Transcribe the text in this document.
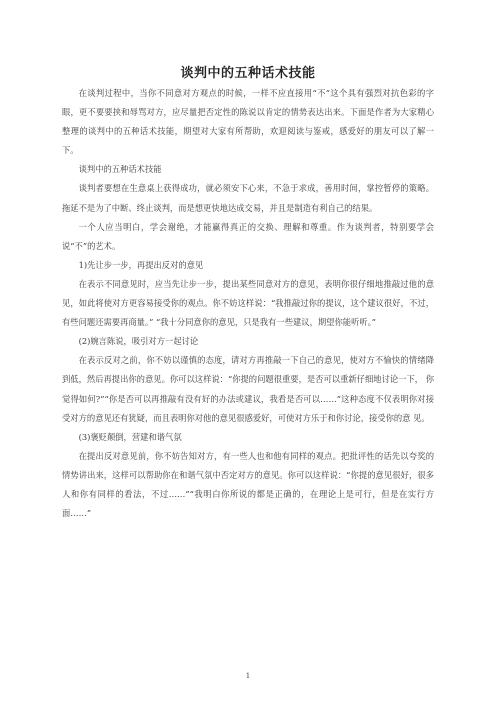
谈判中的五种话术技能

在谈判过程中，当你不同意对方观点的时候，一样不应直接用“不”这个具有强烈对抗色彩的字眼，更不要要挟和辱骂对方，应尽量把否定性的陈说以肯定的情势表达出来。下面是作者为大家精心整理的谈判中的五种话术技能，期望对大家有所帮助，欢迎阅读与鉴戒，感爱好的朋友可以了解一下。

谈判中的五种话术技能

谈判者要想在生意桌上获得成功，就必须安下心来，不急于求成，善用时间，掌控暂停的策略。拖延不是为了中断、终止谈判，而是想更快地达成交易，并且是制造有利自己的结果。

一个人应当明白，学会谢绝，才能赢得真正的交换、理解和尊重。作为谈判者，特别要学会说“不”的艺术。

1)先让步一步，再提出反对的意见

在表示不同意见时，应当先让步一步，提出某些同意对方的意见，表明你很仔细地推敲过他的意见，如此将使对方更容易接受你的观点。你不妨这样说：“我推敲过你的提议，这个建议很好，不过， 有些问题还需要再商量。” “我十分同意你的意见，只是我有一些建议，期望你能听听。”

(2)婉言陈说，吸引对方一起讨论

在表示反对之前，你不妨以谨慎的态度，请对方再推敲一下自己的意见，使对方不愉快的情绪降到低，然后再提出你的意见。你可以这样说：“你提的问题很重要，是否可以重新仔细地讨论一下， 你觉得如何?”“你是否可以再推敲有没有好的办法或建议，我看是否可以……”这种态度不仅表明你对接受对方的意见还有犹疑，而且表明你对他的意见很感爱好，可使对方乐于和你讨论，接受你的意 见。

(3)褒贬颠倒，营建和谐气氛

在提出反对意见前，你不妨告知对方，有一些人也和他有同样的观点。把批评性的话先以夸奖的情势讲出来，这样可以帮助你在和谐气氛中否定对方的意见。你可以这样说：“你提的意见很好，很多 人和你有同样的看法，不过……”“我明白你所说的都是正确的，在理论上是可行，但是在实行方面……”

1
